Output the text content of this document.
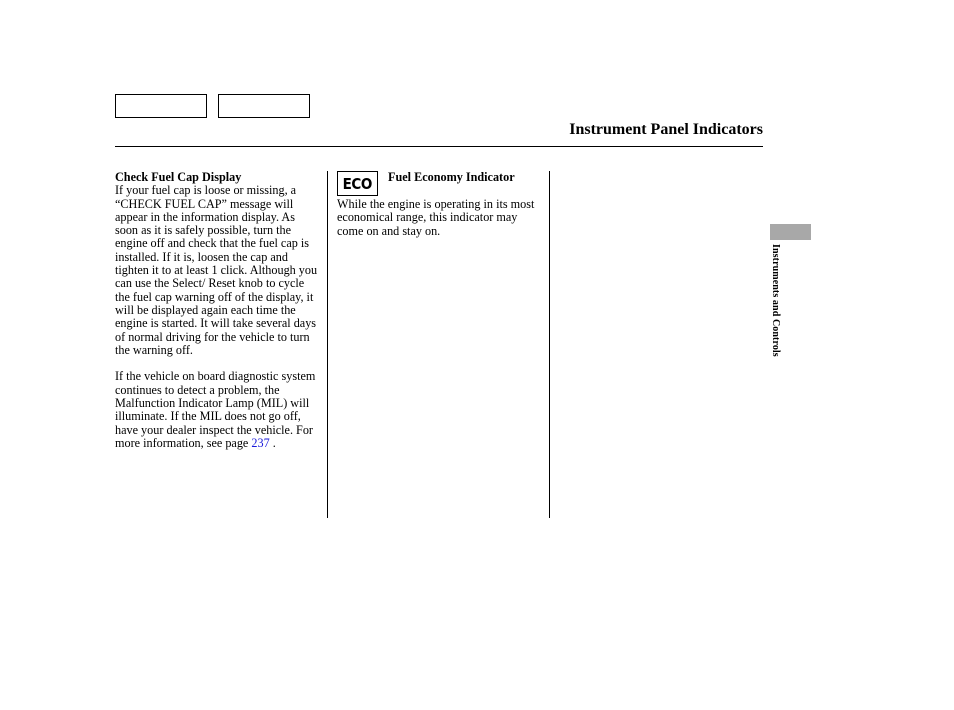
Instrument Panel Indicators
Check Fuel Cap Display

If your fuel cap is loose or missing, a “CHECK FUEL CAP” message will appear in the information display. As soon as it is safely possible, turn the engine off and check that the fuel cap is installed. If it is, loosen the cap and tighten it to at least 1 click. Although you can use the Select/ Reset knob to cycle the fuel cap warning off of the display, it will be displayed again each time the engine is started. It will take several days of normal driving for the vehicle to turn the warning off.

If the vehicle on board diagnostic system continues to detect a problem, the Malfunction Indicator Lamp (MIL) will illuminate. If the MIL does not go off, have your dealer inspect the vehicle. For more information, see page 237 .

ECO Fuel Economy Indicator

While the engine is operating in its most economical range, this indicator may come on and stay on.

Instruments and Controls
